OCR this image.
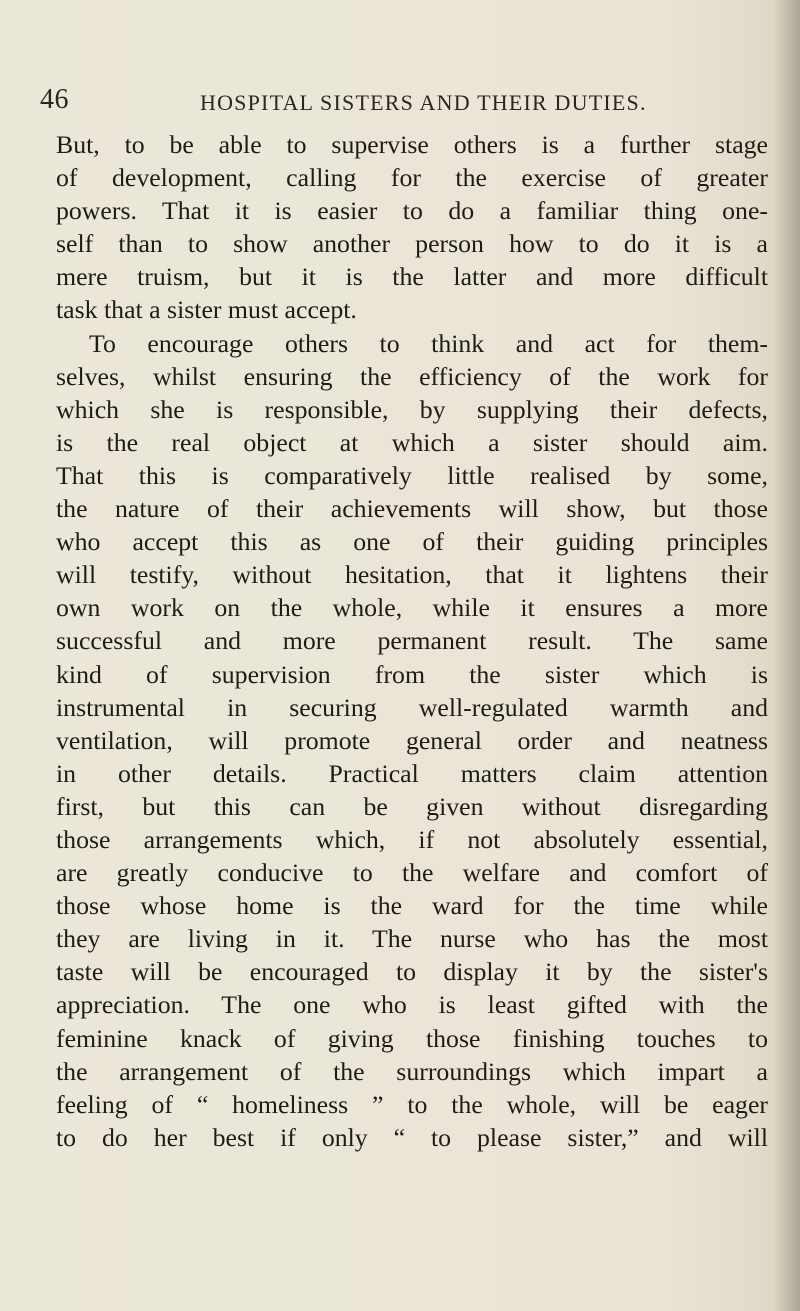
46	HOSPITAL SISTERS AND THEIR DUTIES.
But, to be able to supervise others is a further stage
of development, calling for the exercise of greater
powers. That it is easier to do a familiar thing one-
self than to show another person how to do it is a
mere truism, but it is the latter and more difficult
task that a sister must accept.
To encourage others to think and act for them-
selves, whilst ensuring the efficiency of the work for
which she is responsible, by supplying their defects,
is the real object at which a sister should aim.
That this is comparatively little realised by some,
the nature of their achievements will show, but those
who accept this as one of their guiding principles
will testify, without hesitation, that it lightens their
own work on the whole, while it ensures a more
successful and more permanent result. The same
kind of supervision from the sister which is
instrumental in securing well-regulated warmth and
ventilation, will promote general order and neatness
in other details. Practical matters claim attention
first, but this can be given without disregarding
those arrangements which, if not absolutely essential,
are greatly conducive to the welfare and comfort of
those whose home is the ward for the time while
they are living in it. The nurse who has the most
taste will be encouraged to display it by the sister's
appreciation. The one who is least gifted with the
feminine knack of giving those finishing touches to
the arrangement of the surroundings which impart a
feeling of “ homeliness ” to the whole, will be eager
to do her best if only “ to please sister,” and will
